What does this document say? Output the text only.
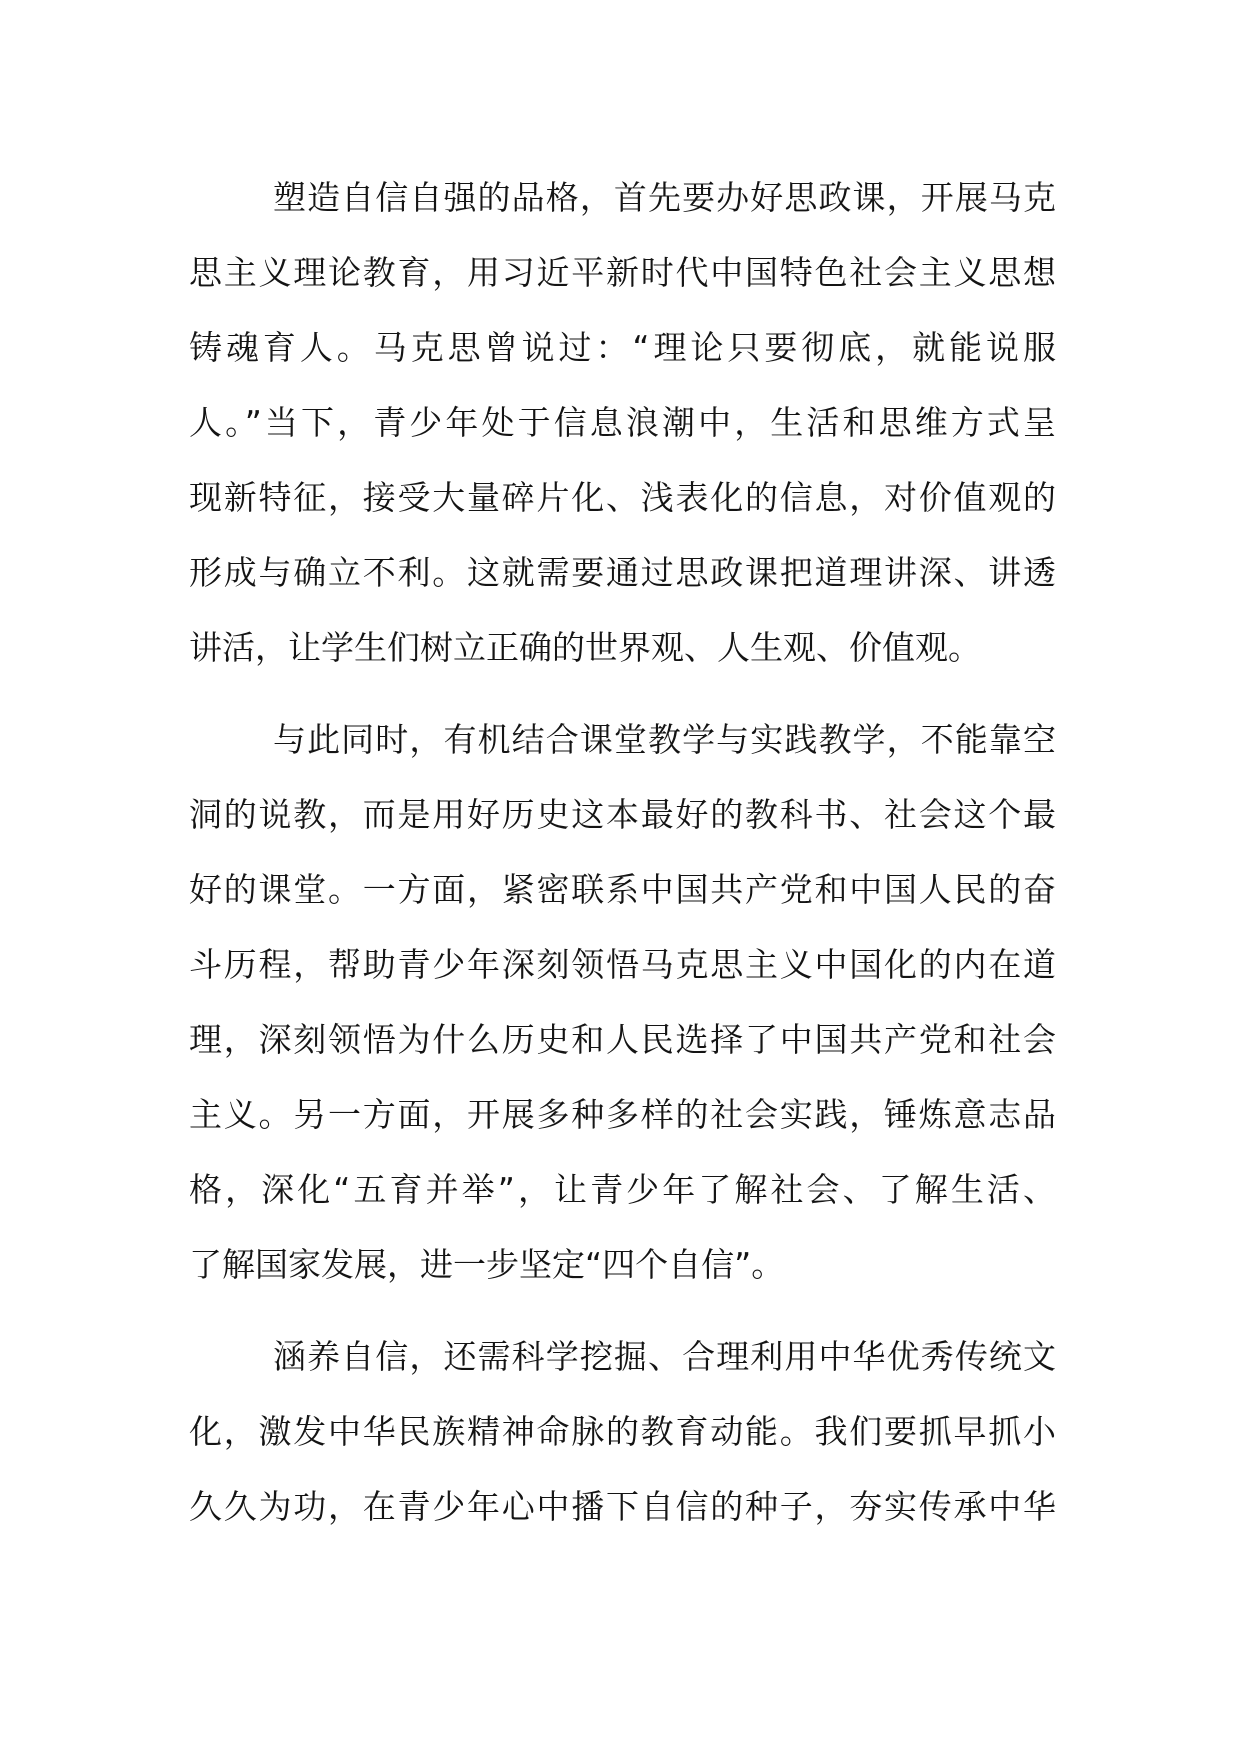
塑造自信自强的品格，首先要办好思政课，开展马克
思主义理论教育，用习近平新时代中国特色社会主义思想
铸魂育人。马克思曾说过：“理论只要彻底，就能说服
人。”当下，青少年处于信息浪潮中，生活和思维方式呈
现新特征，接受大量碎片化、浅表化的信息，对价值观的
形成与确立不利。这就需要通过思政课把道理讲深、讲透
讲活，让学生们树立正确的世界观、人生观、价值观。
与此同时，有机结合课堂教学与实践教学，不能靠空
洞的说教，而是用好历史这本最好的教科书、社会这个最
好的课堂。一方面，紧密联系中国共产党和中国人民的奋
斗历程，帮助青少年深刻领悟马克思主义中国化的内在道
理，深刻领悟为什么历史和人民选择了中国共产党和社会
主义。另一方面，开展多种多样的社会实践，锤炼意志品
格，深化“五育并举”，让青少年了解社会、了解生活、
了解国家发展，进一步坚定“四个自信”。
涵养自信，还需科学挖掘、合理利用中华优秀传统文
化，激发中华民族精神命脉的教育动能。我们要抓早抓小
久久为功，在青少年心中播下自信的种子，夯实传承中华
